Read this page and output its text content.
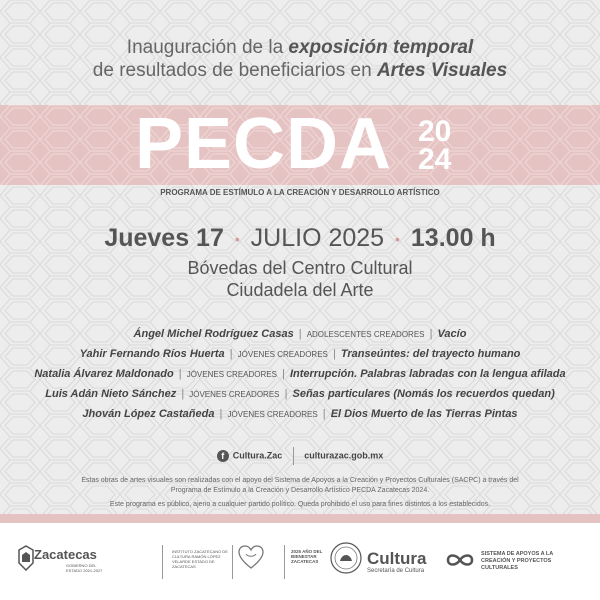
Inauguración de la exposición temporal
de resultados de beneficiarios en Artes Visuales
PECDA 20
24
PROGRAMA DE ESTÍMULO A LA CREACIÓN Y DESARROLLO ARTÍSTICO
Jueves 17 • JULIO 2025 • 13.00 h
Bóvedas del Centro Cultural
Ciudadela del Arte
Ángel Michel Rodríguez Casas | ADOLESCENTES CREADORES | Vacío
Yahir Fernando Ríos Huerta | JÓVENES CREADORES | Transeúntes: del trayecto humano
Natalia Álvarez Maldonado | JÓVENES CREADORES | Interrupción. Palabras labradas con la lengua afilada
Luis Adán Nieto Sánchez | JÓVENES CREADORES | Señas particulares (Nomás los recuerdos quedan)
Jhován López Castañeda | JÓVENES CREADORES | El Dios Muerto de las Tierras Pintas
f Cultura.Zac culturazac.gob.mx
Estas obras de artes visuales son realizadas con el apoyo del Sistema de Apoyos a la Creación y Proyectos Culturales (SACPC) a través del Programa de Estímulo a la Creación y Desarrollo Artístico PECDA Zacatecas 2024.
Este programa es público, ajeno a cualquier partido político. Queda prohibido el uso para fines distintos a los establecidos.
Zacatecas
GOBIERNO DEL ESTADO 2021-2027
INSTITUTO ZACATECANO DE CULTURA RAMÓN LÓPEZ VELARDE ESTADO DE ZACATECAS
2025 AÑO DEL BIENESTAR ZACATECAS	Cultura
Secretaría de Cultura
SISTEMA DE APOYOS A LA CREACIÓN Y PROYECTOS CULTURALES
